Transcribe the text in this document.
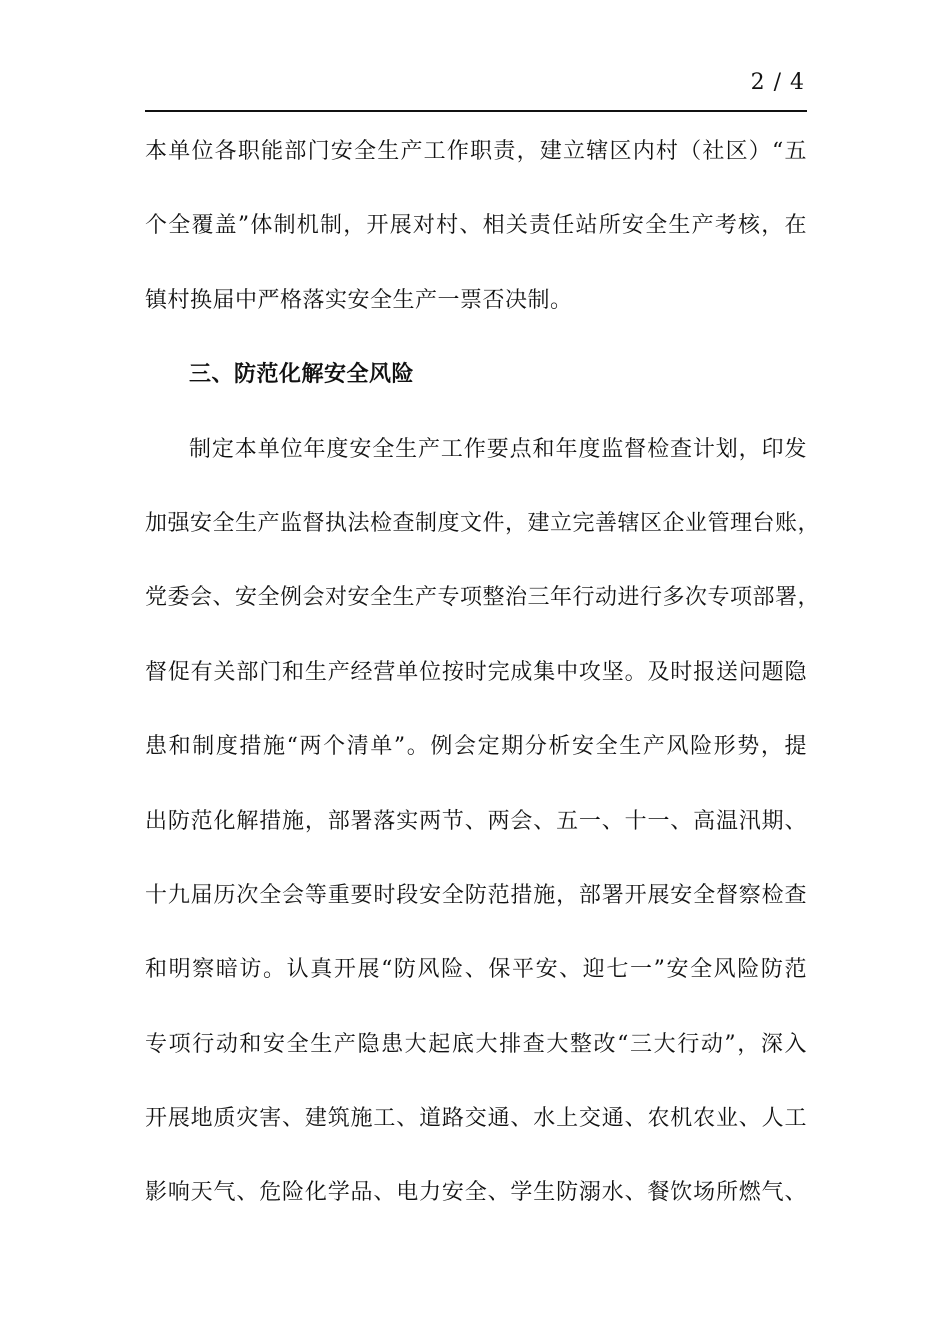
2 / 4
本单位各职能部门安全生产工作职责，建立辖区内村（社区）“五
个全覆盖”体制机制，开展对村、相关责任站所安全生产考核，在
镇村换届中严格落实安全生产一票否决制。
三、防范化解安全风险
制定本单位年度安全生产工作要点和年度监督检查计划，印发
加强安全生产监督执法检查制度文件，建立完善辖区企业管理台账，
党委会、安全例会对安全生产专项整治三年行动进行多次专项部署，
督促有关部门和生产经营单位按时完成集中攻坚。及时报送问题隐
患和制度措施“两个清单”。例会定期分析安全生产风险形势，提
出防范化解措施，部署落实两节、两会、五一、十一、高温汛期、
十九届历次全会等重要时段安全防范措施，部署开展安全督察检查
和明察暗访。认真开展“防风险、保平安、迎七一”安全风险防范
专项行动和安全生产隐患大起底大排查大整改“三大行动”，深入
开展地质灾害、建筑施工、道路交通、水上交通、农机农业、人工
影响天气、危险化学品、电力安全、学生防溺水、餐饮场所燃气、
